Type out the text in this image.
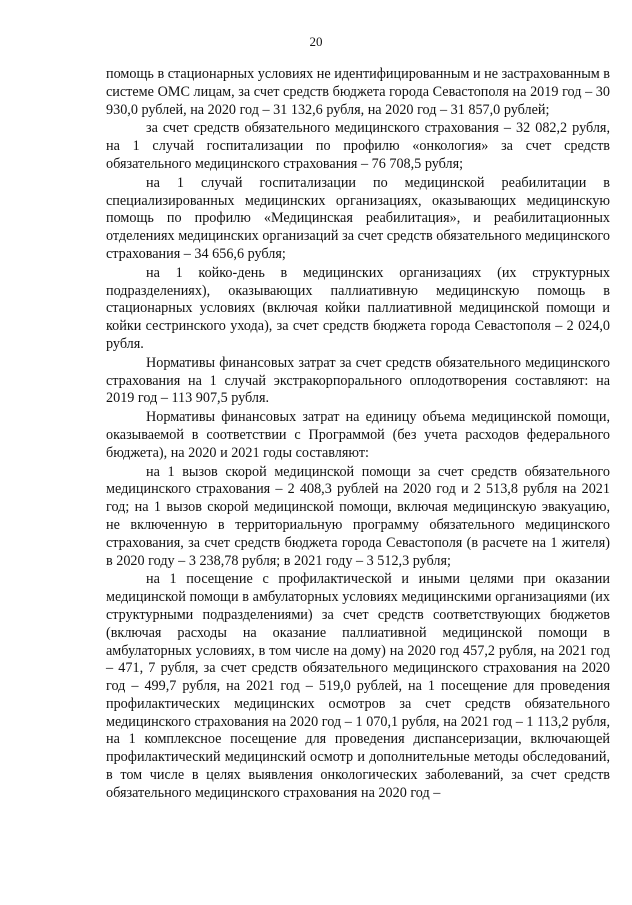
20

помощь в стационарных условиях не идентифицированным и не застрахованным в системе ОМС лицам, за счет средств бюджета города Севастополя на 2019 год – 30 930,0 рублей, на 2020 год – 31 132,6 рубля, на 2020 год – 31 857,0 рублей;

за счет средств обязательного медицинского страхования – 32 082,2 рубля, на 1 случай госпитализации по профилю «онкология» за счет средств обязательного медицинского страхования – 76 708,5 рубля;

на 1 случай госпитализации по медицинской реабилитации в специализированных медицинских организациях, оказывающих медицинскую помощь по профилю «Медицинская реабилитация», и реабилитационных отделениях медицинских организаций за счет средств обязательного медицинского страхования – 34 656,6 рубля;

на 1 койко-день в медицинских организациях (их структурных подразделениях), оказывающих паллиативную медицинскую помощь в стационарных условиях (включая койки паллиативной медицинской помощи и койки сестринского ухода), за счет средств бюджета города Севастополя – 2 024,0 рубля.

Нормативы финансовых затрат за счет средств обязательного медицинского страхования на 1 случай экстракорпорального оплодотворения составляют: на 2019 год – 113 907,5 рубля.

Нормативы финансовых затрат на единицу объема медицинской помощи, оказываемой в соответствии с Программой (без учета расходов федерального бюджета), на 2020 и 2021 годы составляют:

на 1 вызов скорой медицинской помощи за счет средств обязательного медицинского страхования – 2 408,3 рублей на 2020 год и 2 513,8 рубля на 2021 год; на 1 вызов скорой медицинской помощи, включая медицинскую эвакуацию, не включенную в территориальную программу обязательного медицинского страхования, за счет средств бюджета города Севастополя (в расчете на 1 жителя) в 2020 году – 3 238,78 рубля; в 2021 году – 3 512,3 рубля;

на 1 посещение с профилактической и иными целями при оказании медицинской помощи в амбулаторных условиях медицинскими организациями (их структурными подразделениями) за счет средств соответствующих бюджетов (включая расходы на оказание паллиативной медицинской помощи в амбулаторных условиях, в том числе на дому) на 2020 год 457,2 рубля, на 2021 год – 471, 7 рубля, за счет средств обязательного медицинского страхования на 2020 год – 499,7 рубля, на 2021 год – 519,0 рублей, на 1 посещение для проведения профилактических медицинских осмотров за счет средств обязательного медицинского страхования на 2020 год – 1 070,1 рубля, на 2021 год – 1 113,2 рубля, на 1 комплексное посещение для проведения диспансеризации, включающей профилактический медицинский осмотр и дополнительные методы обследований, в том числе в целях выявления онкологических заболеваний, за счет средств обязательного медицинского страхования на 2020 год –
